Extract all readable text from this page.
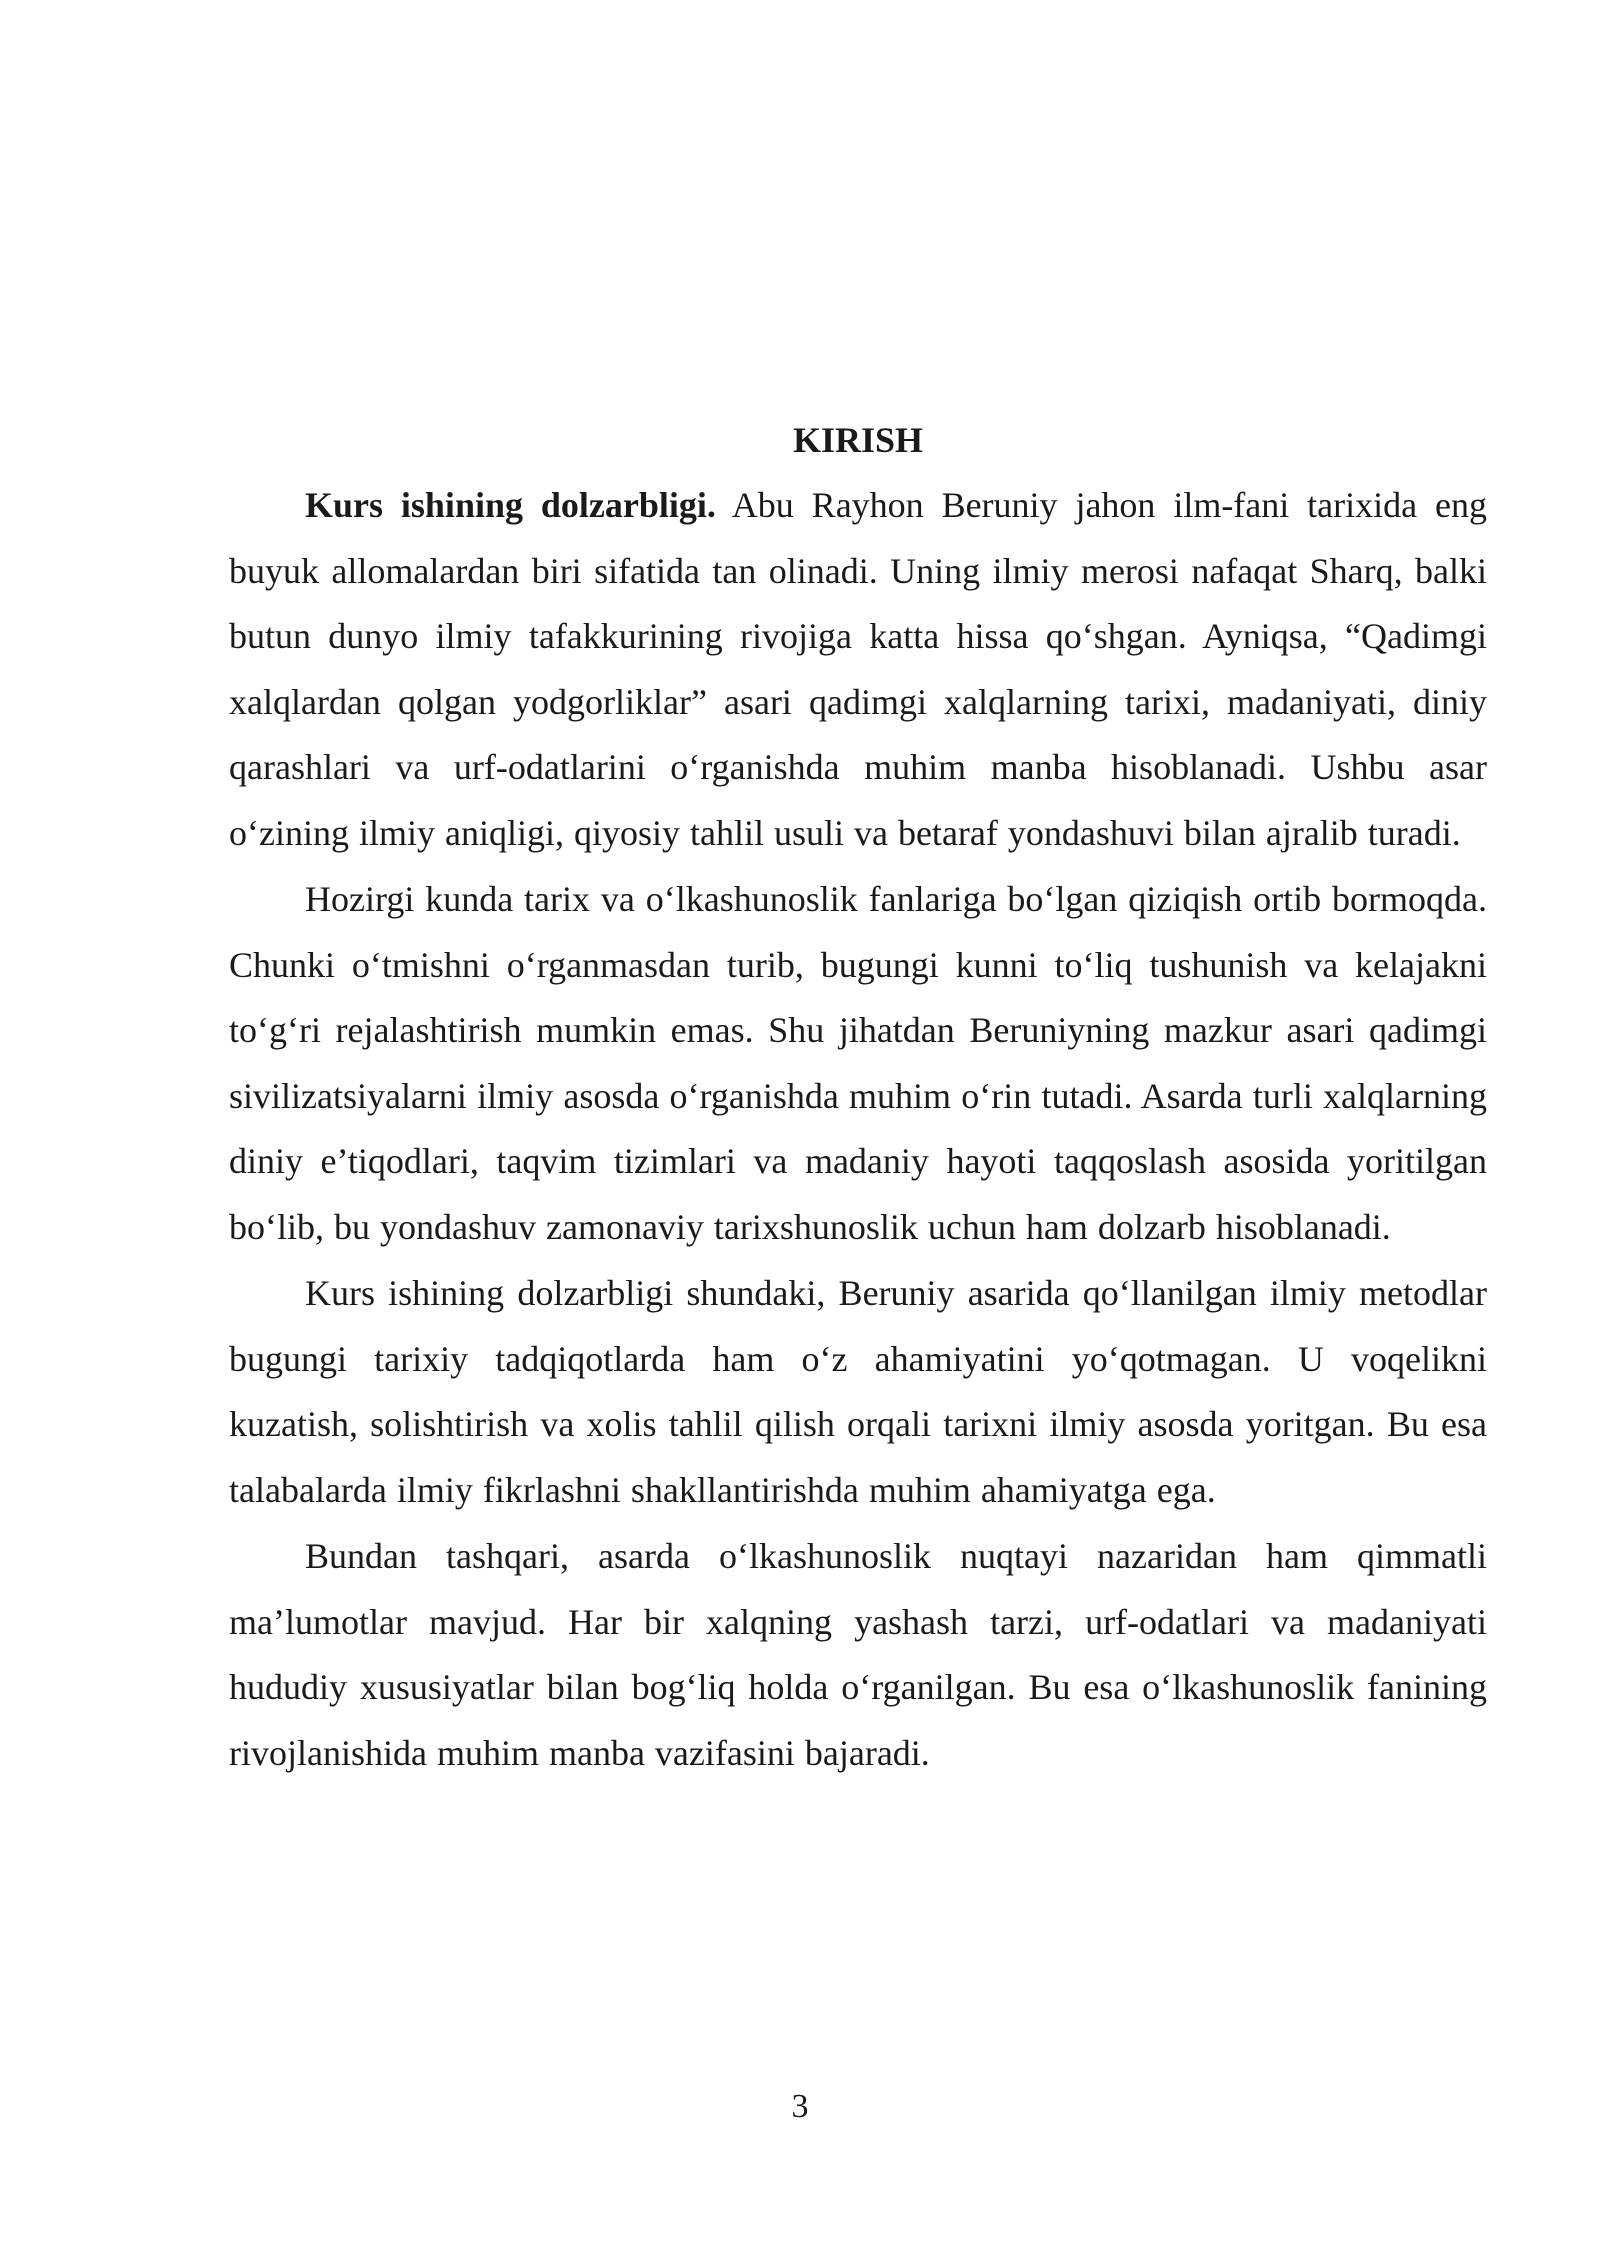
KIRISH

Kurs ishining dolzarbligi. Abu Rayhon Beruniy jahon ilm-fani tarixida eng buyuk allomalardan biri sifatida tan olinadi. Uning ilmiy merosi nafaqat Sharq, balki butun dunyo ilmiy tafakkurining rivojiga katta hissa qo‘shgan. Ayniqsa, “Qadimgi xalqlardan qolgan yodgorliklar” asari qadimgi xalqlarning tarixi, madaniyati, diniy qarashlari va urf-odatlarini o‘rganishda muhim manba hisoblanadi. Ushbu asar o‘zining ilmiy aniqligi, qiyosiy tahlil usuli va betaraf yondashuvi bilan ajralib turadi.

Hozirgi kunda tarix va o‘lkashunoslik fanlariga bo‘lgan qiziqish ortib bormoqda. Chunki o‘tmishni o‘rganmasdan turib, bugungi kunni to‘liq tushunish va kelajakni to‘g‘ri rejalashtirish mumkin emas. Shu jihatdan Beruniyning mazkur asari qadimgi sivilizatsiyalarni ilmiy asosda o‘rganishda muhim o‘rin tutadi. Asarda turli xalqlarning diniy e’tiqodlari, taqvim tizimlari va madaniy hayoti taqqoslash asosida yoritilgan bo‘lib, bu yondashuv zamonaviy tarixshunoslik uchun ham dolzarb hisoblanadi.

Kurs ishining dolzarbligi shundaki, Beruniy asarida qo‘llanilgan ilmiy metodlar bugungi tarixiy tadqiqotlarda ham o‘z ahamiyatini yo‘qotmagan. U voqelikni kuzatish, solishtirish va xolis tahlil qilish orqali tarixni ilmiy asosda yoritgan. Bu esa talabalarda ilmiy fikrlashni shakllantirishda muhim ahamiyatga ega.

Bundan tashqari, asarda o‘lkashunoslik nuqtayi nazaridan ham qimmatli ma’lumotlar mavjud. Har bir xalqning yashash tarzi, urf-odatlari va madaniyati hududiy xususiyatlar bilan bog‘liq holda o‘rganilgan. Bu esa o‘lkashunoslik fanining rivojlanishida muhim manba vazifasini bajaradi.

3
